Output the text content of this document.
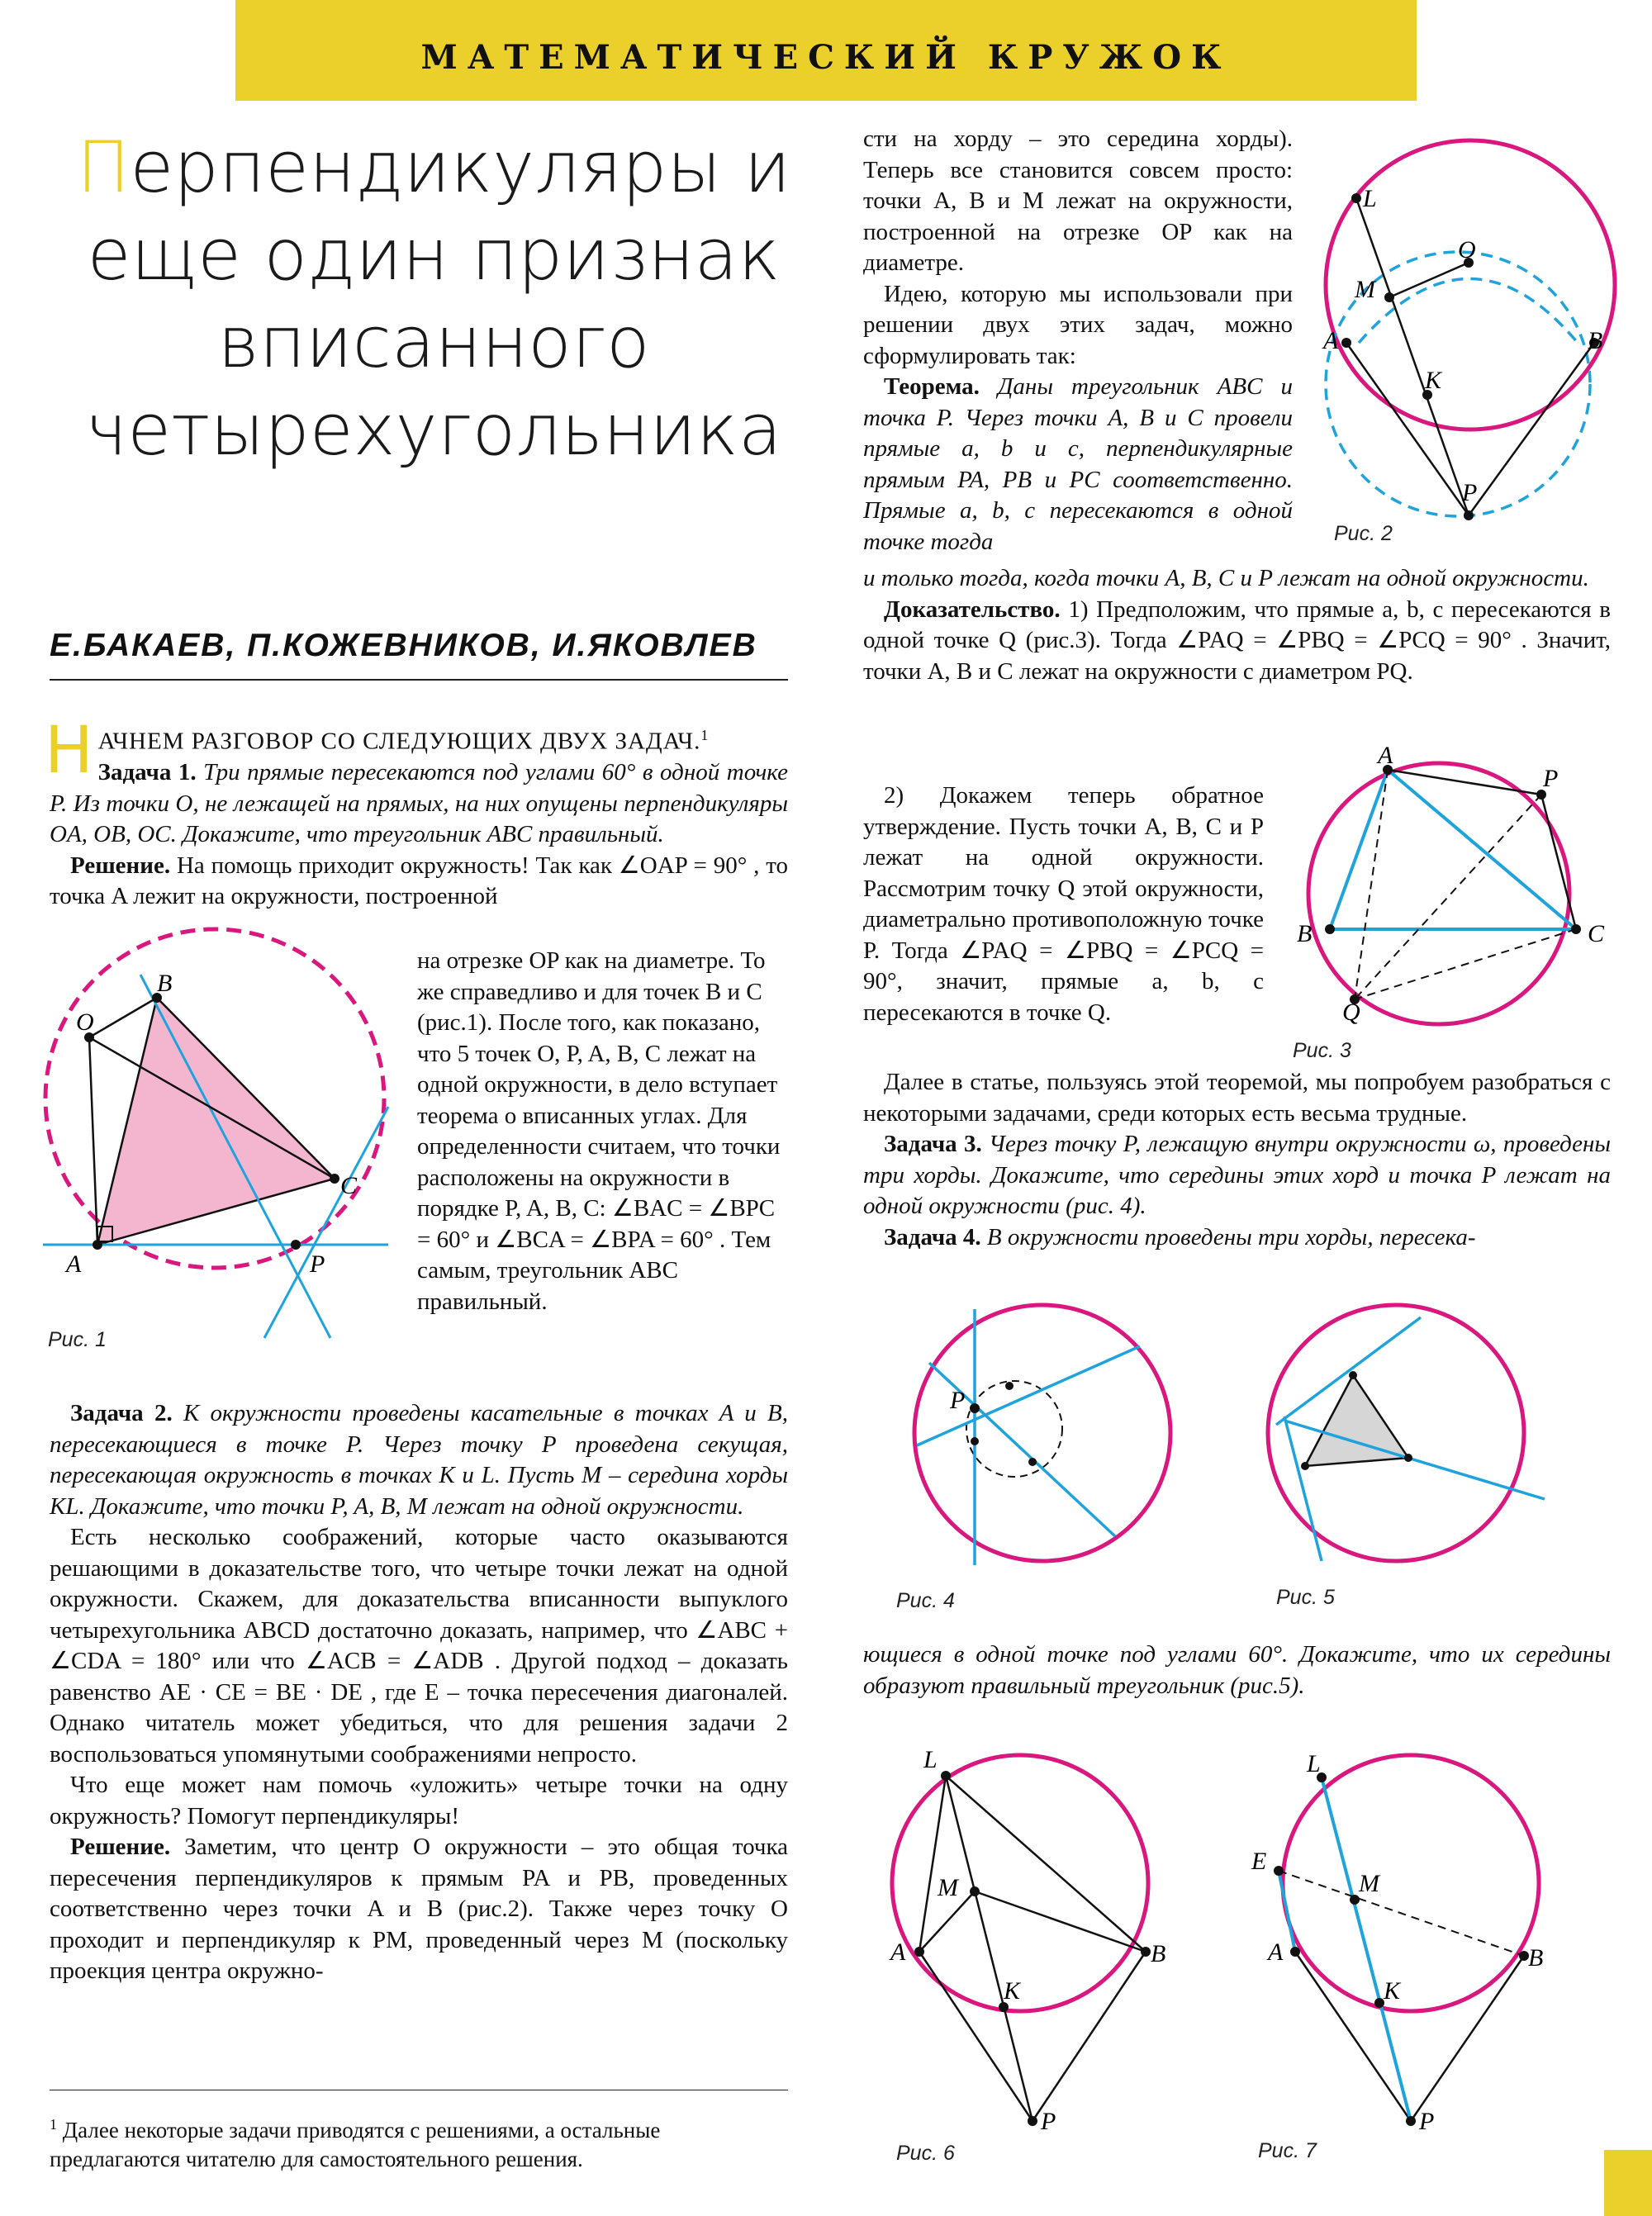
МАТЕМАТИЧЕСКИЙ КРУЖОК
Перпендикуляры и еще один признак вписанного четырехугольника
Е.БАКАЕВ, П.КОЖЕВНИКОВ, И.ЯКОВЛЕВ

НАЧНЕМ РАЗГОВОР СО СЛЕДУЮЩИХ ДВУХ ЗАДАЧ.$^1$

Задача 1. Три прямые пересекаются под углами 60° в одной точке P. Из точки O, не лежащей на прямых, на них опущены перпендикуляры OA, OB, OC. Докажите, что треугольник ABC правильный.

Решение. На помощь приходит окружность! Так как ∠OAP = 90° , то точка A лежит на окружности, построенной

на отрезке OP как на диаметре. То же справедливо и для точек B и C (рис.1). После того, как показано, что 5 точек O, P, A, B, C лежат на одной окружности, в дело вступает теорема о вписанных углах. Для определенности считаем, что точки расположены на окружности в порядке P, A, B, C: ∠BAC = ∠BPC = 60° и ∠BCA = ∠BPA = 60° . Тем самым, треугольник ABC правильный.

Задача 2. К окружности проведены касательные в точках A и B, пересекающиеся в точке P. Через точку P проведена секущая, пересекающая окружность в точках K и L. Пусть M – середина хорды KL. Докажите, что точки P, A, B, M лежат на одной окружности.

Есть несколько соображений, которые часто оказываются решающими в доказательстве того, что четыре точки лежат на одной окружности. Скажем, для доказательства вписанности выпуклого четырехугольника ABCD достаточно доказать, например, что ∠ABC + ∠CDA = 180° или что ∠ACB = ∠ADB . Другой подход – доказать равенство AE · CE = BE · DE , где E – точка пересечения диагоналей. Однако читатель может убедиться, что для решения задачи 2 воспользоваться упомянутыми соображениями непросто.

Что еще может нам помочь «уложить» четыре точки на одну окружность? Помогут перпендикуляры!

Решение. Заметим, что центр O окружности – это общая точка пересечения перпендикуляров к прямым PA и PB, проведенных соответственно через точки A и B (рис.2). Также через точку O проходит и перпендикуляр к PM, проведенный через M (поскольку проекция центра окружно-

$^1$ Далее некоторые задачи приводятся с решениями, а остальные предлагаются читателю для самостоятельного решения.

сти на хорду – это середина хорды). Теперь все становится совсем просто: точки A, B и M лежат на окружности, построенной на отрезке OP как на диаметре.

Идею, которую мы использовали при решении двух этих задач, можно сформулировать так:

Теорема. Даны треугольник ABC и точка P. Через точки A, B и C провели прямые a, b и c, перпендикулярные прямым PA, PB и PC соответственно. Прямые a, b, c пересекаются в одной точке тогда

и только тогда, когда точки A, B, C и P лежат на одной окружности.

Доказательство. 1) Предположим, что прямые a, b, c пересекаются в одной точке Q (рис.3). Тогда ∠PAQ = ∠PBQ = ∠PCQ = 90° . Значит, точки A, B и C лежат на окружности с диаметром PQ.

2) Докажем теперь обратное утверждение. Пусть точки A, B, C и P лежат на одной окружности. Рассмотрим точку Q этой окружности, диаметрально противоположную точке P. Тогда ∠PAQ = ∠PBQ = ∠PCQ = 90°, значит, прямые a, b, c пересекаются в точке Q.

Далее в статье, пользуясь этой теоремой, мы попробуем разобраться с некоторыми задачами, среди которых есть весьма трудные.

Задача 3. Через точку P, лежащую внутри окружности ω, проведены три хорды. Докажите, что середины этих хорд и точка P лежат на одной окружности (рис. 4).

Задача 4. В окружности проведены три хорды, пересека-

ющиеся в одной точке под углами 60°. Докажите, что их середины образуют правильный треугольник (рис.5).

O
B
C
A	P
L
M
K
O
A	B
P
A
P
B	C
Q
P
L
M
K
A	B
P
L
E
M
K
A	B
P
Рис. 1
Рис. 2
Рис. 3
Рис. 4	Рис. 5
Рис. 6	Рис. 7
